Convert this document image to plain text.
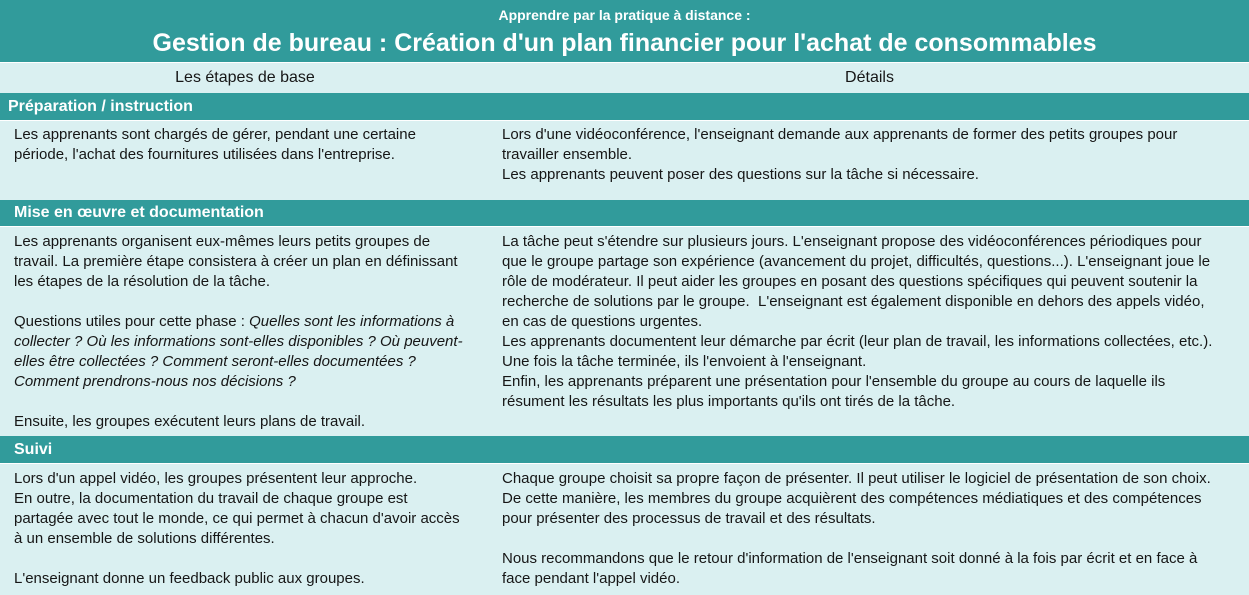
Apprendre par la pratique à distance :
Gestion de bureau : Création d'un plan financier pour l'achat de consommables
Les étapes de base	Détails
Préparation / instruction
Les apprenants sont chargés de gérer, pendant une certaine
période, l'achat des fournitures utilisées dans l'entreprise.
Lors d'une vidéoconférence, l'enseignant demande aux apprenants de former des petits groupes pour
travailler ensemble.
Les apprenants peuvent poser des questions sur la tâche si nécessaire.
Mise en œuvre et documentation
Les apprenants organisent eux-mêmes leurs petits groupes de
travail. La première étape consistera à créer un plan en définissant
les étapes de la résolution de la tâche.
Questions utiles pour cette phase : Quelles sont les informations à
collecter ? Où les informations sont-elles disponibles ? Où peuvent-
elles être collectées ? Comment seront-elles documentées ?
Comment prendrons-nous nos décisions ?
Ensuite, les groupes exécutent leurs plans de travail.
La tâche peut s'étendre sur plusieurs jours. L'enseignant propose des vidéoconférences périodiques pour
que le groupe partage son expérience (avancement du projet, difficultés, questions...). L'enseignant joue le
rôle de modérateur. Il peut aider les groupes en posant des questions spécifiques qui peuvent soutenir la
recherche de solutions par le groupe.  L'enseignant est également disponible en dehors des appels vidéo,
en cas de questions urgentes.
Les apprenants documentent leur démarche par écrit (leur plan de travail, les informations collectées, etc.).
Une fois la tâche terminée, ils l'envoient à l'enseignant.
Enfin, les apprenants préparent une présentation pour l'ensemble du groupe au cours de laquelle ils
résument les résultats les plus importants qu'ils ont tirés de la tâche.
Suivi
Lors d'un appel vidéo, les groupes présentent leur approche.
En outre, la documentation du travail de chaque groupe est
partagée avec tout le monde, ce qui permet à chacun d'avoir accès
à un ensemble de solutions différentes.
L'enseignant donne un feedback public aux groupes.
Chaque groupe choisit sa propre façon de présenter. Il peut utiliser le logiciel de présentation de son choix.
De cette manière, les membres du groupe acquièrent des compétences médiatiques et des compétences
pour présenter des processus de travail et des résultats.
Nous recommandons que le retour d'information de l'enseignant soit donné à la fois par écrit et en face à
face pendant l'appel vidéo.
